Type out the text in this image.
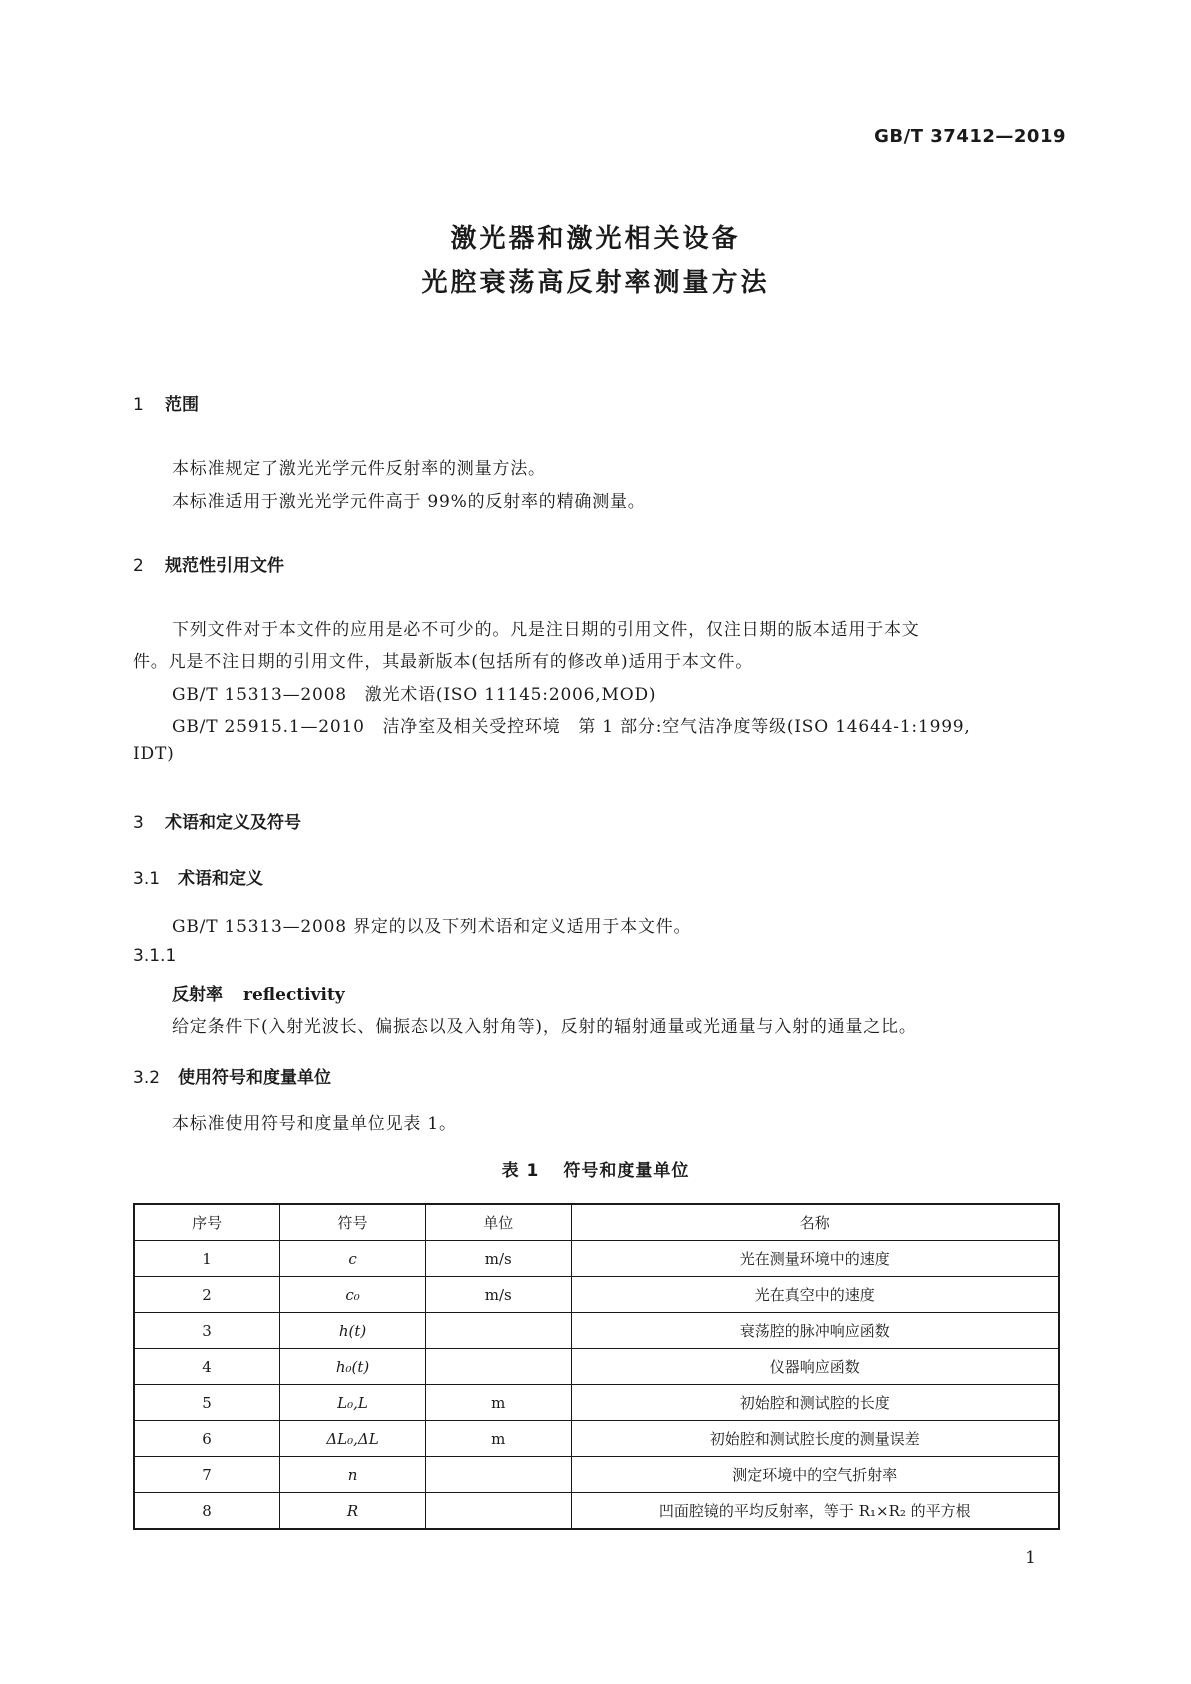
GB/T 37412—2019
激光器和激光相关设备
光腔衰荡高反射率测量方法
1 范围
本标准规定了激光光学元件反射率的测量方法。
本标准适用于激光光学元件高于 99%的反射率的精确测量。
2 规范性引用文件
下列文件对于本文件的应用是必不可少的。凡是注日期的引用文件，仅注日期的版本适用于本文
件。凡是不注日期的引用文件，其最新版本(包括所有的修改单)适用于本文件。
GB/T 15313—2008　激光术语(ISO 11145:2006,MOD)
GB/T 25915.1—2010　洁净室及相关受控环境　第 1 部分:空气洁净度等级(ISO 14644-1:1999,
IDT)
3 术语和定义及符号
3.1 术语和定义
GB/T 15313—2008 界定的以及下列术语和定义适用于本文件。
3.1.1
反射率 reflectivity
给定条件下(入射光波长、偏振态以及入射角等)，反射的辐射通量或光通量与入射的通量之比。
3.2 使用符号和度量单位
本标准使用符号和度量单位见表 1。
表 1 符号和度量单位
序号	符号	单位	名称
1	c	m/s	光在测量环境中的速度
2	c₀	m/s	光在真空中的速度
3	h(t)		衰荡腔的脉冲响应函数
4	h₀(t)		仪器响应函数
5	L₀,L	m	初始腔和测试腔的长度
6	ΔL₀,ΔL	m	初始腔和测试腔长度的测量误差
7	n		测定环境中的空气折射率
8	R		凹面腔镜的平均反射率，等于 R₁×R₂ 的平方根
1
